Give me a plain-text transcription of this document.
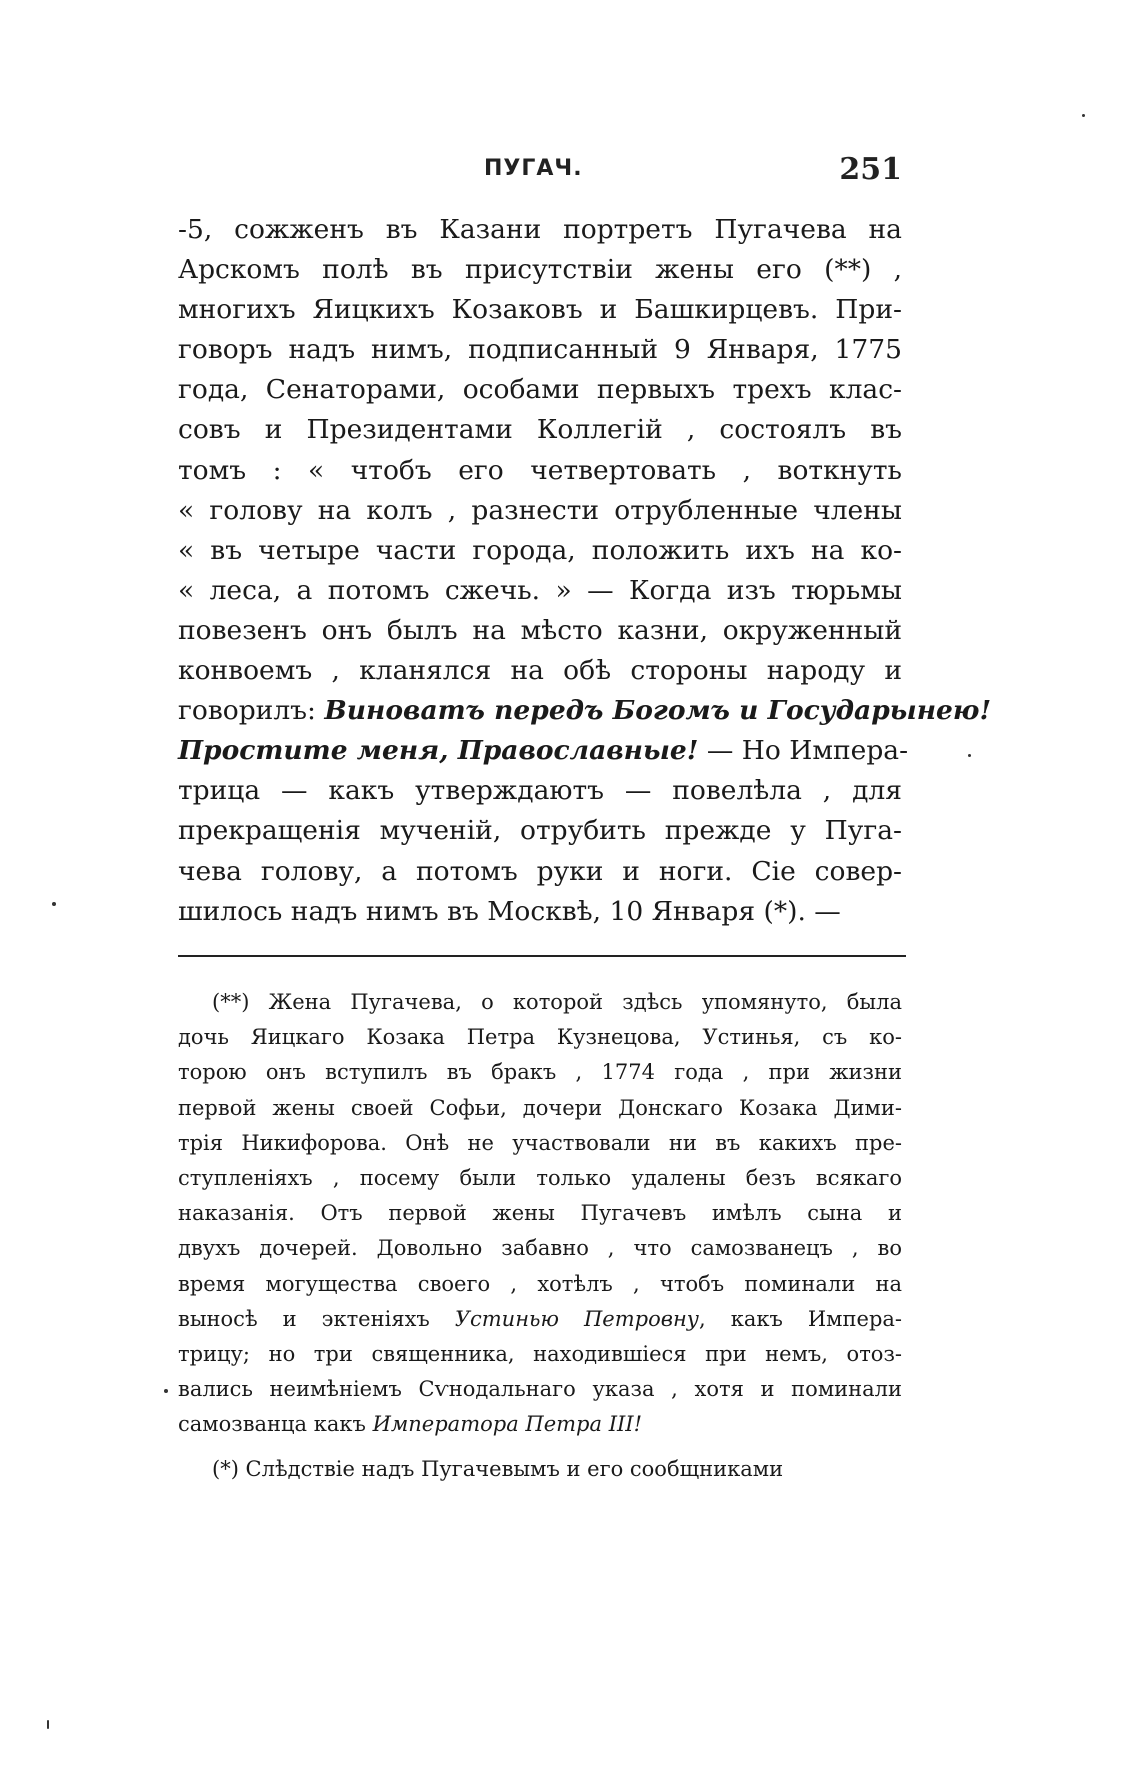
ПУГАЧ.	251
-5, сожженъ въ Казани портретъ Пугачева на
Арскомъ полѣ въ присутствіи жены его (**) ,
многихъ Яицкихъ Козаковъ и Башкирцевъ. При-
говоръ надъ нимъ, подписанный 9 Января, 1775
года, Сенаторами, особами первыхъ трехъ клас-
совъ и Президентами Коллегій , состоялъ въ
томъ : « чтобъ его четвертовать , воткнуть
« голову на колъ , разнести отрубленные члены
« въ четыре части города, положить ихъ на ко-
« леса, а потомъ сжечь. » — Когда изъ тюрьмы
повезенъ онъ былъ на мѣсто казни, окруженный
конвоемъ , кланялся на обѣ стороны народу и
говорилъ: Виноватъ передъ Богомъ и Государынею!
Простите меня, Православные! — Но Импера-
трица — какъ утверждаютъ — повелѣла , для
прекращенія мученій, отрубить прежде у Пуга-
чева голову, а потомъ руки и ноги. Сіе совер-
шилось надъ нимъ въ Москвѣ, 10 Января (*). —
(**) Жена Пугачева, о которой здѣсь упомянуто, была
дочь Яицкаго Козака Петра Кузнецова, Устинья, съ ко-
торою онъ вступилъ въ бракъ , 1774 года , при жизни
первой жены своей Софьи, дочери Донскаго Козака Дими-
трія Никифорова. Онѣ не участвовали ни въ какихъ пре-
ступленіяхъ , посему были только удалены безъ всякаго
наказанія. Отъ первой жены Пугачевъ имѣлъ сына и
двухъ дочерей. Довольно забавно , что самозванецъ , во
время могущества своего , хотѣлъ , чтобъ поминали на
выносѣ и эктеніяхъ Устинью Петровну, какъ Импера-
трицу; но три священника, находившіеся при немъ, отоз-
вались неимѣніемъ Сѵнодальнаго указа , хотя и поминали
самозванца какъ Императора Петра III!
(*) Слѣдствіе надъ Пугачевымъ и его сообщниками
